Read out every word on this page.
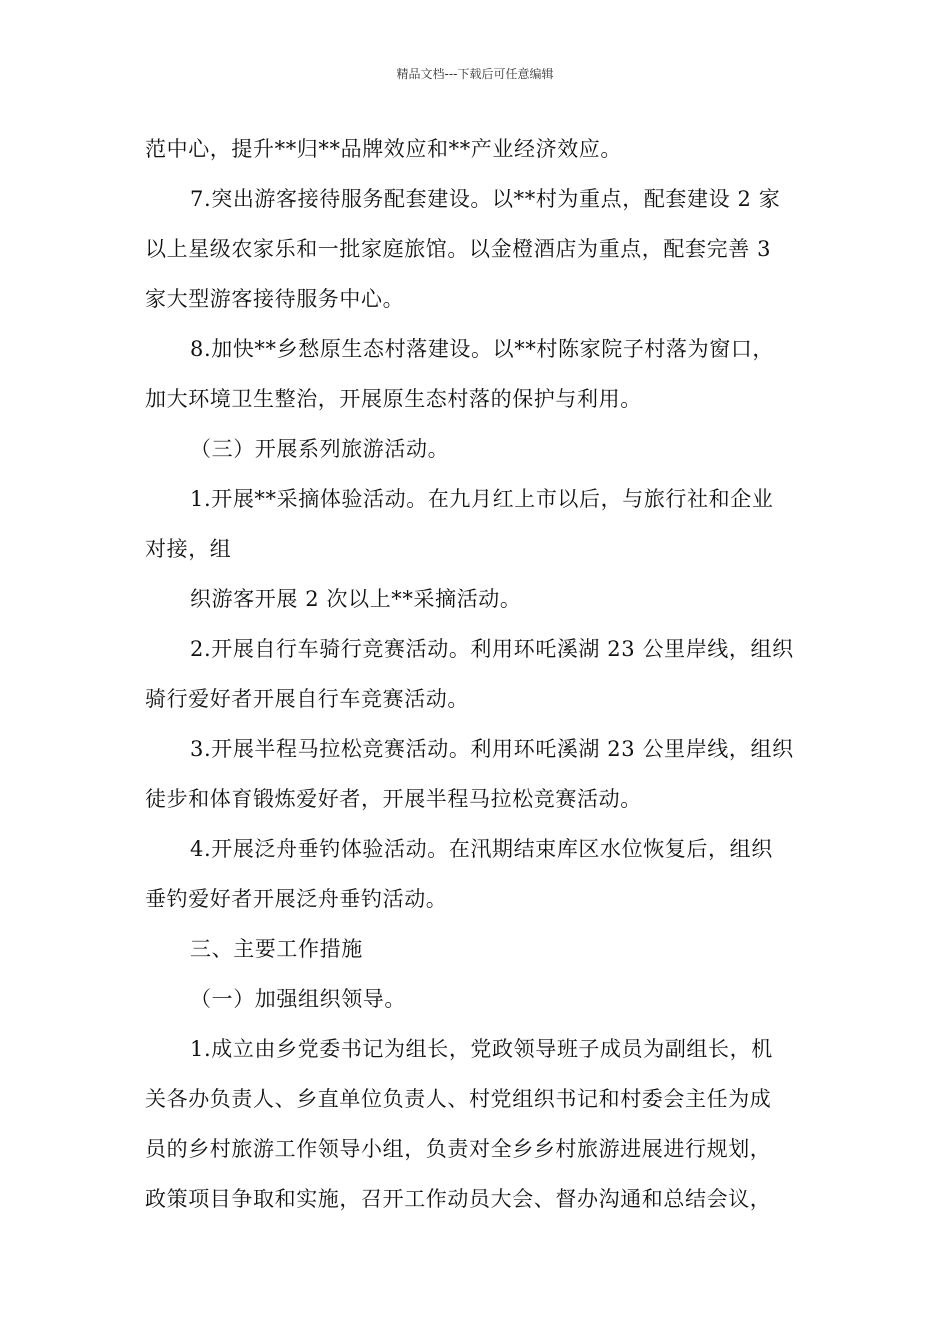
精品文档---下载后可任意编辑
范中心，提升**归**品牌效应和**产业经济效应。
7.突出游客接待服务配套建设。以**村为重点，配套建设 2 家
以上星级农家乐和一批家庭旅馆。以金橙酒店为重点，配套完善 3
家大型游客接待服务中心。
8.加快**乡愁原生态村落建设。以**村陈家院子村落为窗口，
加大环境卫生整治，开展原生态村落的保护与利用。
（三）开展系列旅游活动。
1.开展**采摘体验活动。在九月红上市以后，与旅行社和企业
对接，组
织游客开展 2 次以上**采摘活动。
2.开展自行车骑行竞赛活动。利用环吒溪湖 23 公里岸线，组织
骑行爱好者开展自行车竞赛活动。
3.开展半程马拉松竞赛活动。利用环吒溪湖 23 公里岸线，组织
徒步和体育锻炼爱好者，开展半程马拉松竞赛活动。
4.开展泛舟垂钓体验活动。在汛期结束库区水位恢复后，组织
垂钓爱好者开展泛舟垂钓活动。
三、主要工作措施
（一）加强组织领导。
1.成立由乡党委书记为组长，党政领导班子成员为副组长，机
关各办负责人、乡直单位负责人、村党组织书记和村委会主任为成
员的乡村旅游工作领导小组，负责对全乡乡村旅游进展进行规划，
政策项目争取和实施，召开工作动员大会、督办沟通和总结会议，
